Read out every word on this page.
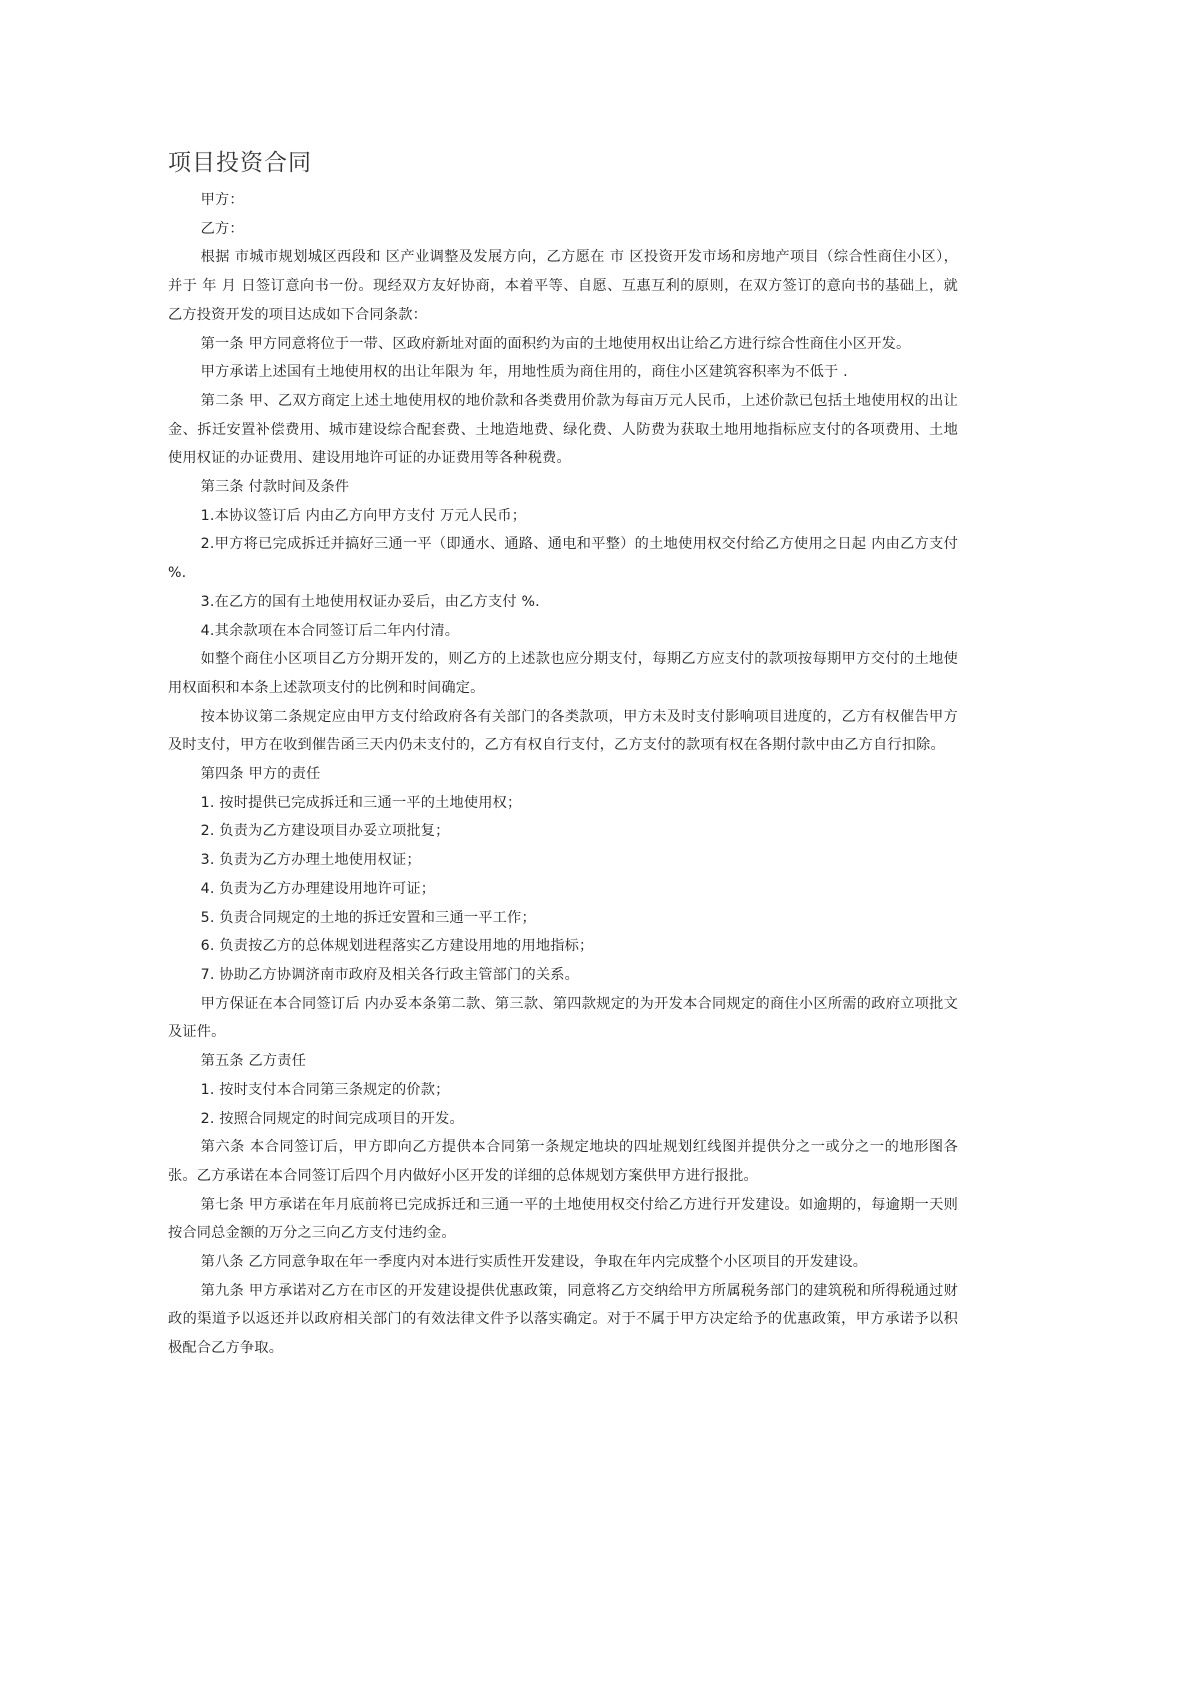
项目投资合同

甲方：

乙方：

根据 市城市规划城区西段和 区产业调整及发展方向，乙方愿在 市 区投资开发市场和房地产项目（综合性商住小区），并于 年 月 日签订意向书一份。现经双方友好协商，本着平等、自愿、互惠互利的原则，在双方签订的意向书的基础上，就乙方投资开发的项目达成如下合同条款：

第一条 甲方同意将位于一带、区政府新址对面的面积约为亩的土地使用权出让给乙方进行综合性商住小区开发。

甲方承诺上述国有土地使用权的出让年限为 年，用地性质为商住用的，商住小区建筑容积率为不低于 .

第二条 甲、乙双方商定上述土地使用权的地价款和各类费用价款为每亩万元人民币，上述价款已包括土地使用权的出让金、拆迁安置补偿费用、城市建设综合配套费、土地造地费、绿化费、人防费为获取土地用地指标应支付的各项费用、土地使用权证的办证费用、建设用地许可证的办证费用等各种税费。

第三条 付款时间及条件

1.本协议签订后 内由乙方向甲方支付 万元人民币；

2.甲方将已完成拆迁并搞好三通一平（即通水、通路、通电和平整）的土地使用权交付给乙方使用之日起 内由乙方支付 %.

3.在乙方的国有土地使用权证办妥后，由乙方支付 %.

4.其余款项在本合同签订后二年内付清。

如整个商住小区项目乙方分期开发的，则乙方的上述款也应分期支付，每期乙方应支付的款项按每期甲方交付的土地使用权面积和本条上述款项支付的比例和时间确定。

按本协议第二条规定应由甲方支付给政府各有关部门的各类款项，甲方未及时支付影响项目进度的，乙方有权催告甲方及时支付，甲方在收到催告函三天内仍未支付的，乙方有权自行支付，乙方支付的款项有权在各期付款中由乙方自行扣除。

第四条 甲方的责任

1. 按时提供已完成拆迁和三通一平的土地使用权；

2. 负责为乙方建设项目办妥立项批复；

3. 负责为乙方办理土地使用权证；

4. 负责为乙方办理建设用地许可证；

5. 负责合同规定的土地的拆迁安置和三通一平工作；

6. 负责按乙方的总体规划进程落实乙方建设用地的用地指标；

7. 协助乙方协调济南市政府及相关各行政主管部门的关系。

甲方保证在本合同签订后 内办妥本条第二款、第三款、第四款规定的为开发本合同规定的商住小区所需的政府立项批文及证件。

第五条 乙方责任

1. 按时支付本合同第三条规定的价款；

2. 按照合同规定的时间完成项目的开发。

第六条 本合同签订后，甲方即向乙方提供本合同第一条规定地块的四址规划红线图并提供分之一或分之一的地形图各张。乙方承诺在本合同签订后四个月内做好小区开发的详细的总体规划方案供甲方进行报批。

第七条 甲方承诺在年月底前将已完成拆迁和三通一平的土地使用权交付给乙方进行开发建设。如逾期的，每逾期一天则按合同总金额的万分之三向乙方支付违约金。

第八条 乙方同意争取在年一季度内对本进行实质性开发建设，争取在年内完成整个小区项目的开发建设。

第九条 甲方承诺对乙方在市区的开发建设提供优惠政策，同意将乙方交纳给甲方所属税务部门的建筑税和所得税通过财政的渠道予以返还并以政府相关部门的有效法律文件予以落实确定。对于不属于甲方决定给予的优惠政策，甲方承诺予以积极配合乙方争取。
